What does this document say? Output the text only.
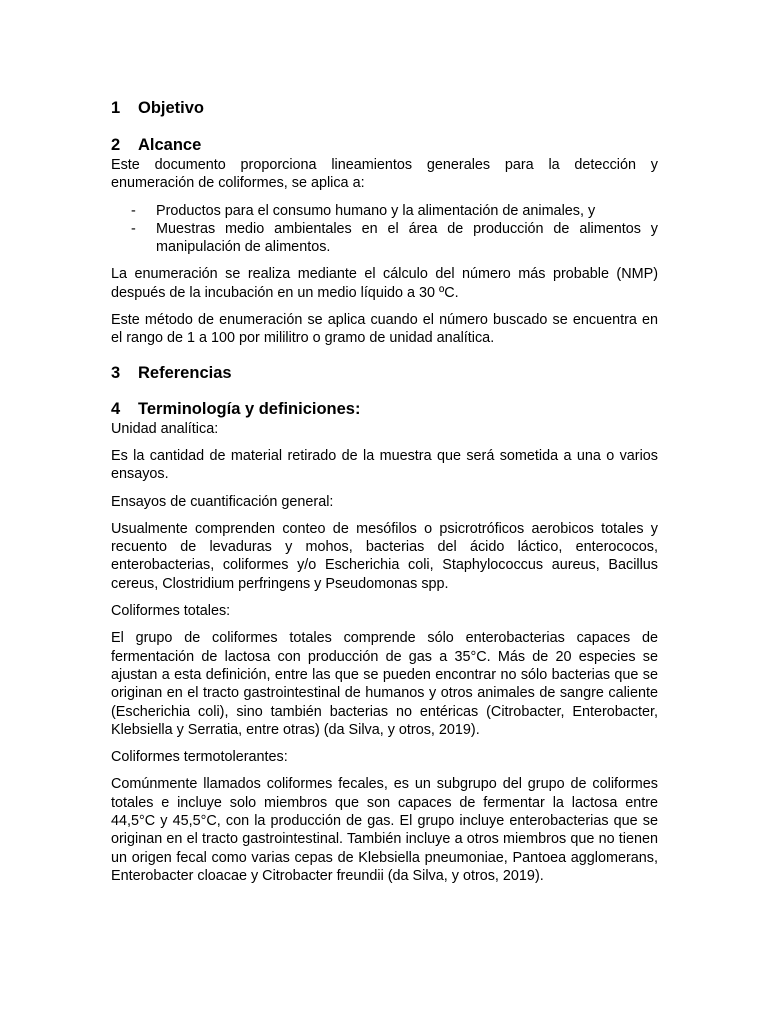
1 Objetivo
2 Alcance

Este documento proporciona lineamientos generales para la detección y enumeración de coliformes, se aplica a:

- Productos para el consumo humano y la alimentación de animales, y
- Muestras medio ambientales en el área de producción de alimentos y manipulación de alimentos.

La enumeración se realiza mediante el cálculo del número más probable (NMP) después de la incubación en un medio líquido a 30 ºC.

Este método de enumeración se aplica cuando el número buscado se encuentra en el rango de 1 a 100 por mililitro o gramo de unidad analítica.

3 Referencias
4 Terminología y definiciones:

Unidad analítica:

Es la cantidad de material retirado de la muestra que será sometida a una o varios ensayos.

Ensayos de cuantificación general:

Usualmente comprenden conteo de mesófilos o psicrotróficos aerobicos totales y recuento de levaduras y mohos, bacterias del ácido láctico, enterococos, enterobacterias, coliformes y/o Escherichia coli, Staphylococcus aureus, Bacillus cereus, Clostridium perfringens y Pseudomonas spp.

Coliformes totales:

El grupo de coliformes totales comprende sólo enterobacterias capaces de fermentación de lactosa con producción de gas a 35°C. Más de 20 especies se ajustan a esta definición, entre las que se pueden encontrar no sólo bacterias que se originan en el tracto gastrointestinal de humanos y otros animales de sangre caliente (Escherichia coli), sino también bacterias no entéricas (Citrobacter, Enterobacter, Klebsiella y Serratia, entre otras) (da Silva, y otros, 2019).

Coliformes termotolerantes:

Comúnmente llamados coliformes fecales, es un subgrupo del grupo de coliformes totales e incluye solo miembros que son capaces de fermentar la lactosa entre 44,5°C y 45,5°C, con la producción de gas. El grupo incluye enterobacterias que se originan en el tracto gastrointestinal. También incluye a otros miembros que no tienen un origen fecal como varias cepas de Klebsiella pneumoniae, Pantoea agglomerans, Enterobacter cloacae y Citrobacter freundii (da Silva, y otros, 2019).
